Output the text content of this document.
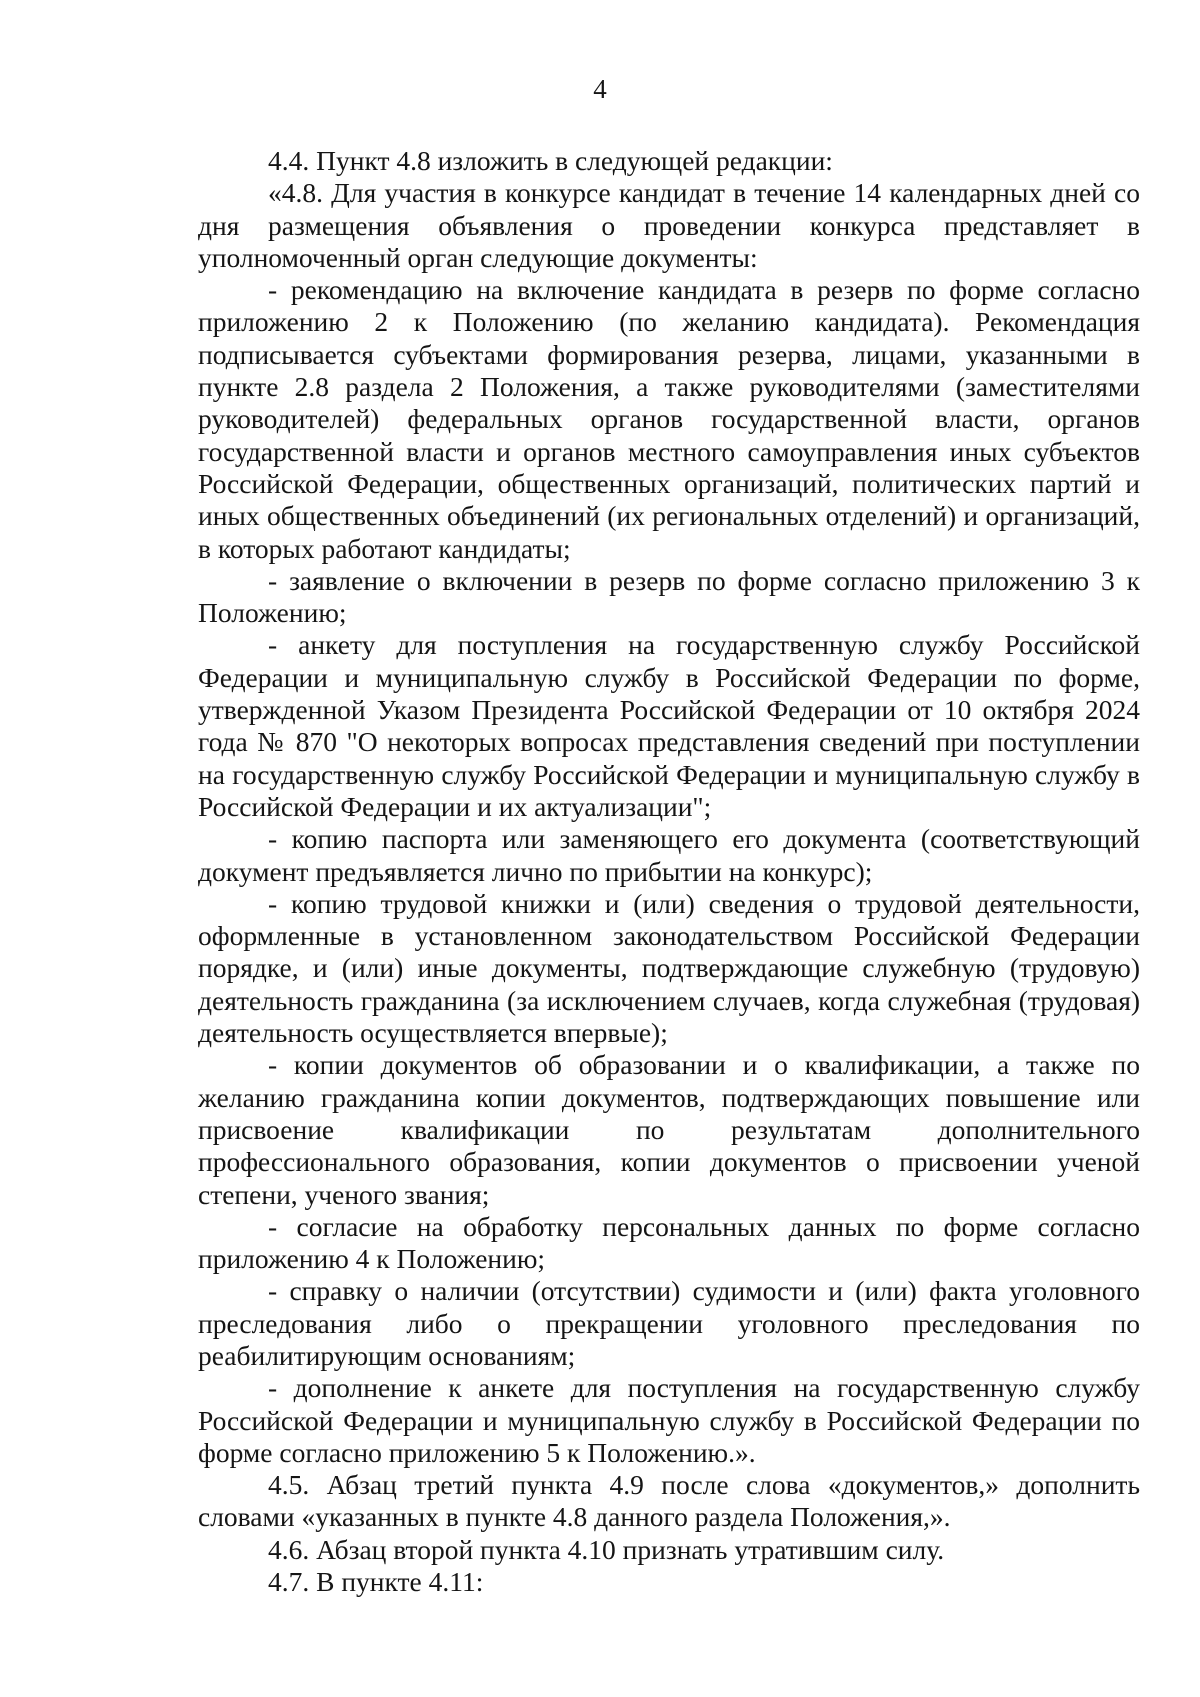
4

4.4. Пункт 4.8 изложить в следующей редакции:

«4.8. Для участия в конкурсе кандидат в течение 14 календарных дней со дня размещения объявления о проведении конкурса представляет в уполномоченный орган следующие документы:

- рекомендацию на включение кандидата в резерв по форме согласно приложению 2 к Положению (по желанию кандидата). Рекомендация подписывается субъектами формирования резерва, лицами, указанными в пункте 2.8 раздела 2 Положения, а также руководителями (заместителями руководителей) федеральных органов государственной власти, органов государственной власти и органов местного самоуправления иных субъектов Российской Федерации, общественных организаций, политических партий и иных общественных объединений (их региональных отделений) и организаций, в которых работают кандидаты;

- заявление о включении в резерв по форме согласно приложению 3 к Положению;

- анкету для поступления на государственную службу Российской Федерации и муниципальную службу в Российской Федерации по форме, утвержденной Указом Президента Российской Федерации от 10 октября 2024 года № 870 "О некоторых вопросах представления сведений при поступлении на государственную службу Российской Федерации и муниципальную службу в Российской Федерации и их актуализации";

- копию паспорта или заменяющего его документа (соответствующий документ предъявляется лично по прибытии на конкурс);

- копию трудовой книжки и (или) сведения о трудовой деятельности, оформленные в установленном законодательством Российской Федерации порядке, и (или) иные документы, подтверждающие служебную (трудовую) деятельность гражданина (за исключением случаев, когда служебная (трудовая) деятельность осуществляется впервые);

- копии документов об образовании и о квалификации, а также по желанию гражданина копии документов, подтверждающих повышение или присвоение квалификации по результатам дополнительного профессионального образования, копии документов о присвоении ученой степени, ученого звания;

- согласие на обработку персональных данных по форме согласно приложению 4 к Положению;

- справку о наличии (отсутствии) судимости и (или) факта уголовного преследования либо о прекращении уголовного преследования по реабилитирующим основаниям;

- дополнение к анкете для поступления на государственную службу Российской Федерации и муниципальную службу в Российской Федерации по форме согласно приложению 5 к Положению.».

4.5. Абзац третий пункта 4.9 после слова «документов,» дополнить словами «указанных в пункте 4.8 данного раздела Положения,».

4.6. Абзац второй пункта 4.10 признать утратившим силу.

4.7. В пункте 4.11:
